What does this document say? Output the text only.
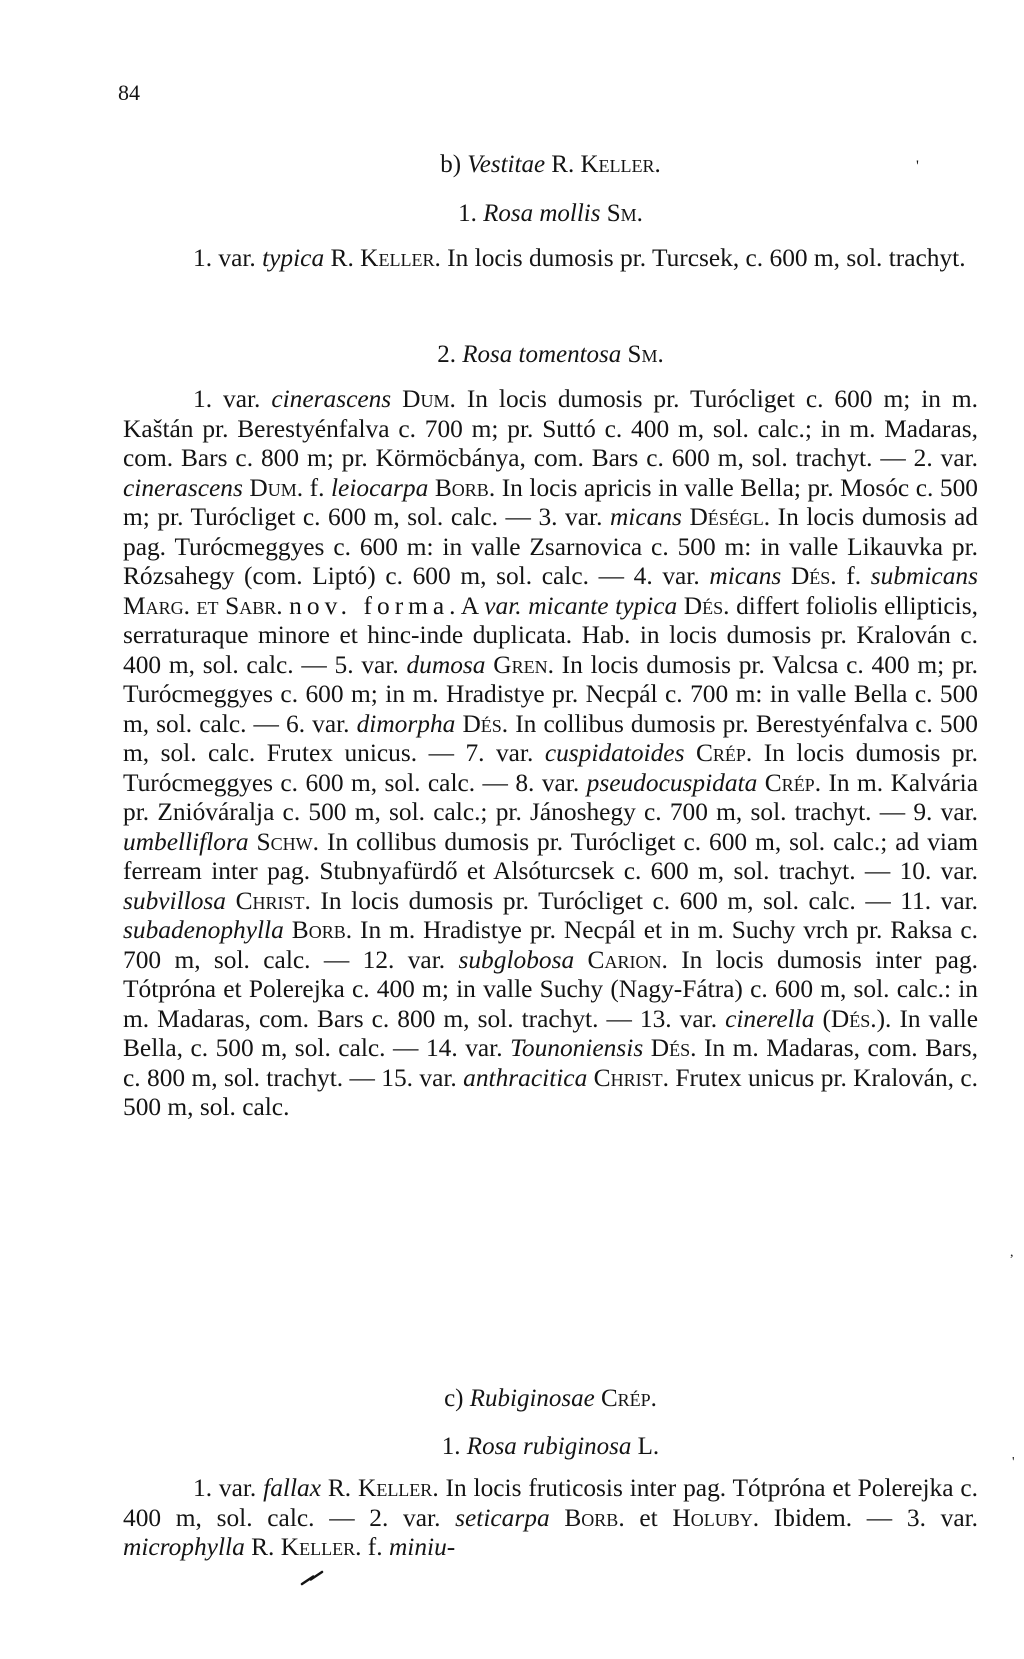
84
'
,
'
b) Vestitae R. Keller.
1. Rosa mollis Sm.
1. var. typica R. Keller. In locis dumosis pr. Turcsek, c. 600 m, sol. trachyt.
2. Rosa tomentosa Sm.
1. var. cinerascens Dum. In locis dumosis pr. Turócliget c. 600 m; in m. Kaštán pr. Berestyénfalva c. 700 m; pr. Suttó c. 400 m, sol. calc.; in m. Madaras, com. Bars c. 800 m; pr. Körmöcbánya, com. Bars c. 600 m, sol. trachyt. — 2. var. cinerascens Dum. f. leiocarpa Borb. In locis apricis in valle Bella; pr. Mosóc c. 500 m; pr. Turócliget c. 600 m, sol. calc. — 3. var. micans Déségl. In locis dumosis ad pag. Turócmeggyes c. 600 m: in valle Zsarnovica c. 500 m: in valle Likauvka pr. Rózsahegy (com. Liptó) c. 600 m, sol. calc. — 4. var. micans Dés. f. submicans Marg. et Sabr. nov. forma. A var. micante typica Dés. differt foliolis ellipticis, serraturaque minore et hinc-inde duplicata. Hab. in locis dumosis pr. Kralován c. 400 m, sol. calc. — 5. var. dumosa Gren. In locis dumosis pr. Valcsa c. 400 m; pr. Turócmeggyes c. 600 m; in m. Hradistye pr. Necpál c. 700 m: in valle Bella c. 500 m, sol. calc. — 6. var. dimorpha Dés. In collibus dumosis pr. Berestyénfalva c. 500 m, sol. calc. Frutex unicus. — 7. var. cuspidatoides Crép. In locis dumosis pr. Turócmeggyes c. 600 m, sol. calc. — 8. var. pseudocuspidata Crép. In m. Kalvária pr. Znióváralja c. 500 m, sol. calc.; pr. Jánoshegy c. 700 m, sol. trachyt. — 9. var. umbelliflora Schw. In collibus dumosis pr. Turócliget c. 600 m, sol. calc.; ad viam ferream inter pag. Stubnyafürdő et Alsóturcsek c. 600 m, sol. trachyt. — 10. var. subvillosa Christ. In locis dumosis pr. Turócliget c. 600 m, sol. calc. — 11. var. subadenophylla Borb. In m. Hradistye pr. Necpál et in m. Suchy vrch pr. Raksa c. 700 m, sol. calc. — 12. var. subglobosa Carion. In locis dumosis inter pag. Tótpróna et Polerejka c. 400 m; in valle Suchy (Nagy-Fátra) c. 600 m, sol. calc.: in m. Madaras, com. Bars c. 800 m, sol. trachyt. — 13. var. cinerella (Dés.). In valle Bella, c. 500 m, sol. calc. — 14. var. Tounoniensis Dés. In m. Madaras, com. Bars, c. 800 m, sol. trachyt. — 15. var. anthracitica Christ. Frutex unicus pr. Kralován, c. 500 m, sol. calc.
c) Rubiginosae Crép.
1. Rosa rubiginosa L.
1. var. fallax R. Keller. In locis fruticosis inter pag. Tótpróna et Polerejka c. 400 m, sol. calc. — 2. var. seticarpa Borb. et Holuby. Ibidem. — 3. var. microphylla R. Keller. f. miniu-
